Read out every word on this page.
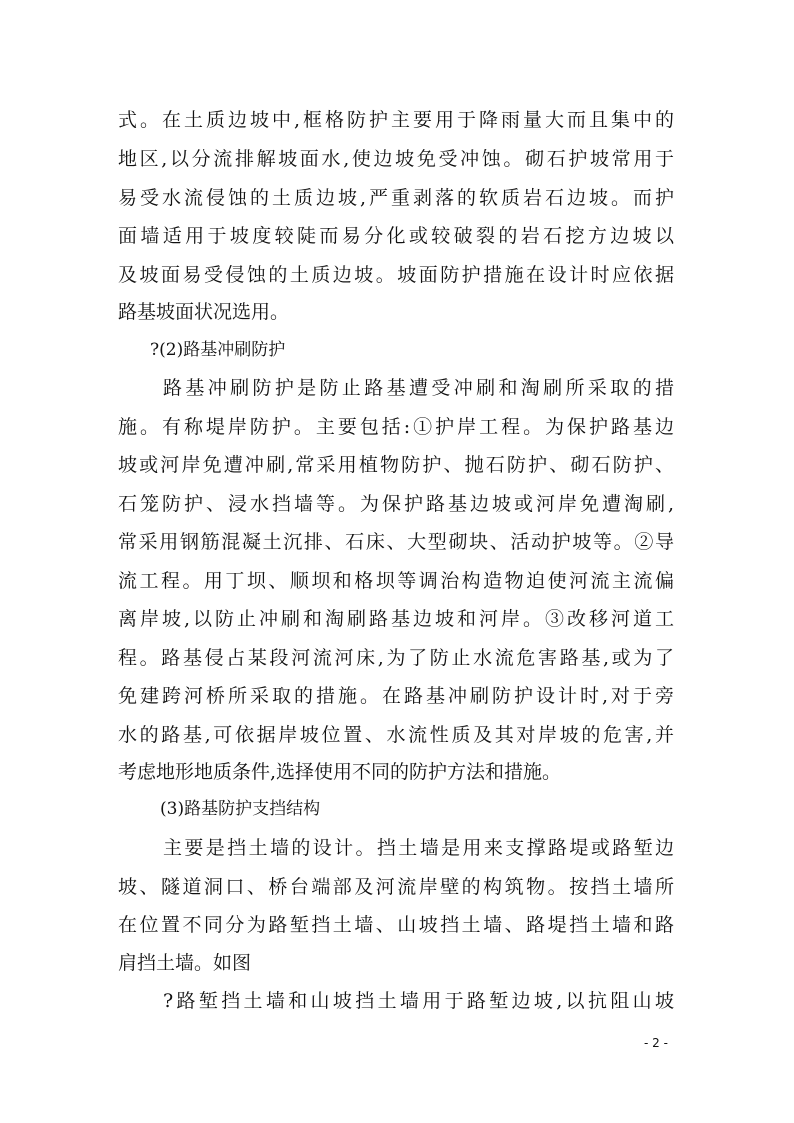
式。在土质边坡中,框格防护主要用于降雨量大而且集中的
地区,以分流排解坡面水,使边坡免受冲蚀。砌石护坡常用于
易受水流侵蚀的土质边坡,严重剥落的软质岩石边坡。而护
面墙适用于坡度较陡而易分化或较破裂的岩石挖方边坡以
及坡面易受侵蚀的土质边坡。坡面防护措施在设计时应依据
路基坡面状况选用。
?(2)路基冲刷防护
路基冲刷防护是防止路基遭受冲刷和淘刷所采取的措
施。有称堤岸防护。主要包括:①护岸工程。为保护路基边
坡或河岸免遭冲刷,常采用植物防护、抛石防护、砌石防护、
石笼防护、浸水挡墙等。为保护路基边坡或河岸免遭淘刷,
常采用钢筋混凝土沉排、石床、大型砌块、活动护坡等。②导
流工程。用丁坝、顺坝和格坝等调治构造物迫使河流主流偏
离岸坡,以防止冲刷和淘刷路基边坡和河岸。③改移河道工
程。路基侵占某段河流河床,为了防止水流危害路基,或为了
免建跨河桥所采取的措施。在路基冲刷防护设计时,对于旁
水的路基,可依据岸坡位置、水流性质及其对岸坡的危害,并
考虑地形地质条件,选择使用不同的防护方法和措施。
(3)路基防护支挡结构
主要是挡土墙的设计。挡土墙是用来支撑路堤或路堑边
坡、隧道洞口、桥台端部及河流岸壁的构筑物。按挡土墙所
在位置不同分为路堑挡土墙、山坡挡土墙、路堤挡土墙和路
肩挡土墙。如图
?路堑挡土墙和山坡挡土墙用于路堑边坡,以抗阻山坡
- 2 -
